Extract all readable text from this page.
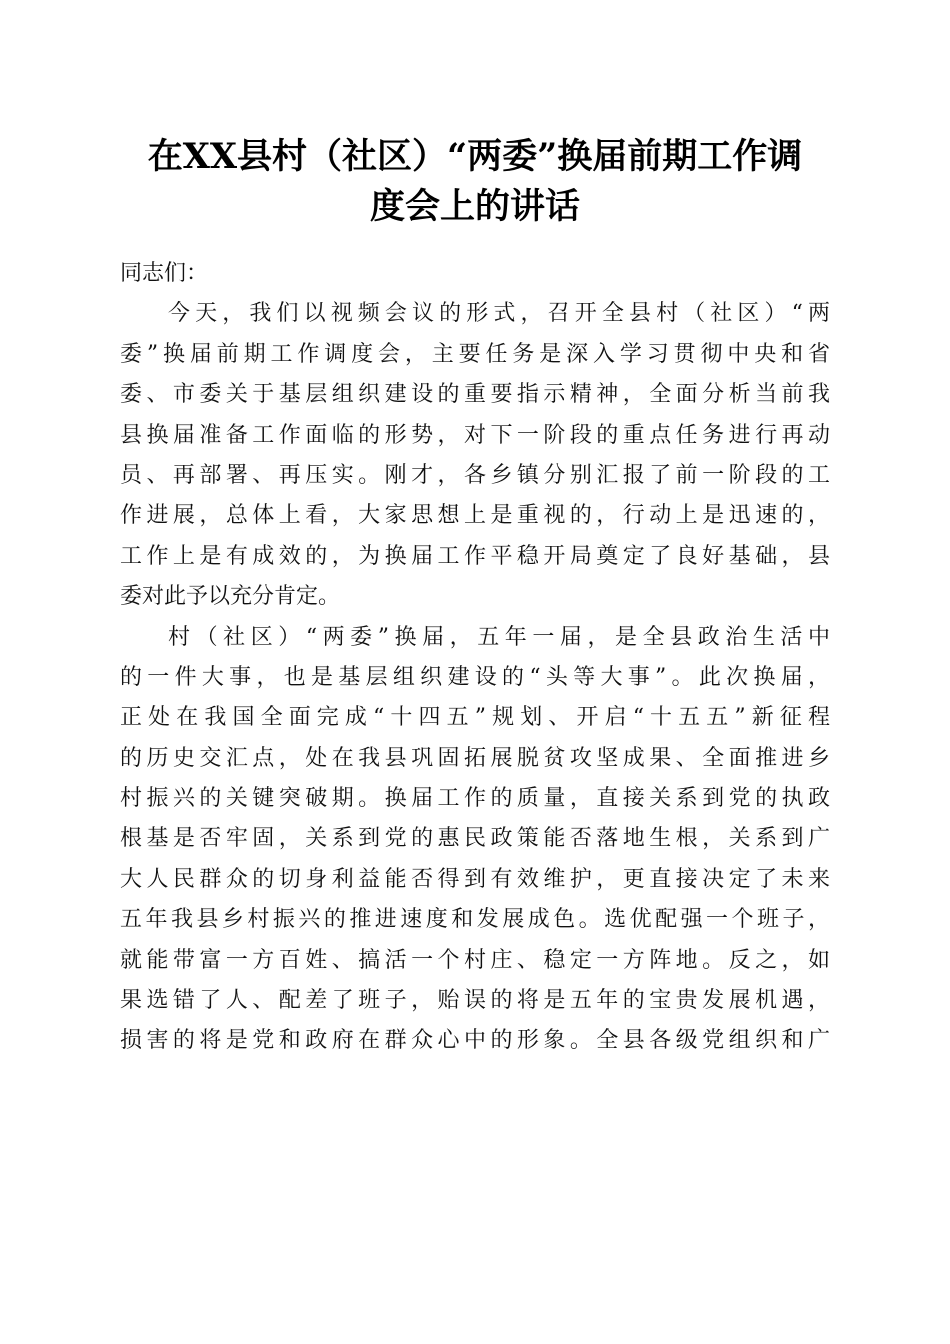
在XX县村（社区）“两委”换届前期工作调
度会上的讲话
同志们：
今天，我们以视频会议的形式，召开全县村（社区）“两
委”换届前期工作调度会，主要任务是深入学习贯彻中央和省
委、市委关于基层组织建设的重要指示精神，全面分析当前我
县换届准备工作面临的形势，对下一阶段的重点任务进行再动
员、再部署、再压实。刚才，各乡镇分别汇报了前一阶段的工
作进展，总体上看，大家思想上是重视的，行动上是迅速的，
工作上是有成效的，为换届工作平稳开局奠定了良好基础，县
委对此予以充分肯定。
村（社区）“两委”换届，五年一届，是全县政治生活中
的一件大事，也是基层组织建设的“头等大事”。此次换届，
正处在我国全面完成“十四五”规划、开启“十五五”新征程
的历史交汇点，处在我县巩固拓展脱贫攻坚成果、全面推进乡
村振兴的关键突破期。换届工作的质量，直接关系到党的执政
根基是否牢固，关系到党的惠民政策能否落地生根，关系到广
大人民群众的切身利益能否得到有效维护，更直接决定了未来
五年我县乡村振兴的推进速度和发展成色。选优配强一个班子，
就能带富一方百姓、搞活一个村庄、稳定一方阵地。反之，如
果选错了人、配差了班子，贻误的将是五年的宝贵发展机遇，
损害的将是党和政府在群众心中的形象。全县各级党组织和广
